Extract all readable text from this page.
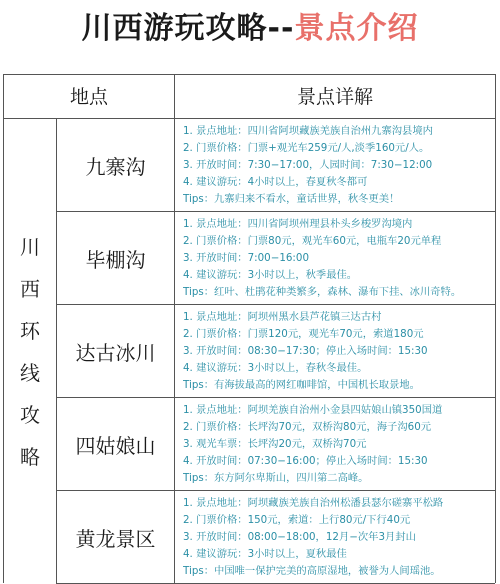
川西游玩攻略--景点介绍
地点	景点详解
川
西
环
线
攻
略
九寨沟
1. 景点地址：四川省阿坝藏族羌族自治州九寨沟县境内
2. 门票价格：门票+观光车259元/人,淡季160元/人。
3. 开放时间：7:30−17:00，人园时间：7:30−12:00
4. 建议游玩：4小时以上，春夏秋冬都可
Tips：九寨归来不看水，童话世界，秋冬更美！
毕棚沟
1. 景点地址：四川省阿坝州理县朴头乡梭罗沟境内
2. 门票价格：门票80元，观光车60元，电瓶车20元单程
3. 开放时间：7:00−16:00
4. 建议游玩：3小时以上，秋季最佳。
Tips：红叶、杜鹃花种类繁多，森林、瀑布下挂、冰川奇特。
达古冰川
1. 景点地址：阿坝州黑水县芦花镇三达古村
2. 门票价格：门票120元，观光车70元，索道180元
3. 开放时间：08:30−17:30；停止入场时间：15:30
4. 建议游玩：3小时以上，春秋冬最佳。
Tips：有海拔最高的网红咖啡馆，中国机长取景地。
四姑娘山
1. 景点地址：阿坝羌族自治州小金县四姑娘山镇350国道
2. 门票价格：长坪沟70元，双桥沟80元，海子沟60元
3. 观光车票：长坪沟20元，双桥沟70元
4. 开放时间：07:30−16:00；停止入场时间：15:30
Tips：东方阿尔卑斯山，四川第二高峰。
黄龙景区
1. 景点地址：阿坝藏族羌族自治州松潘县瑟尔磋寨平松路
2. 门票价格：150元，索道：上行80元/下行40元
3. 开放时间：08:00−18:00，12月−次年3月封山
4. 建议游玩：3小时以上，夏秋最佳
Tips：中国唯一保护完美的高原湿地，被誉为人间瑶池。
